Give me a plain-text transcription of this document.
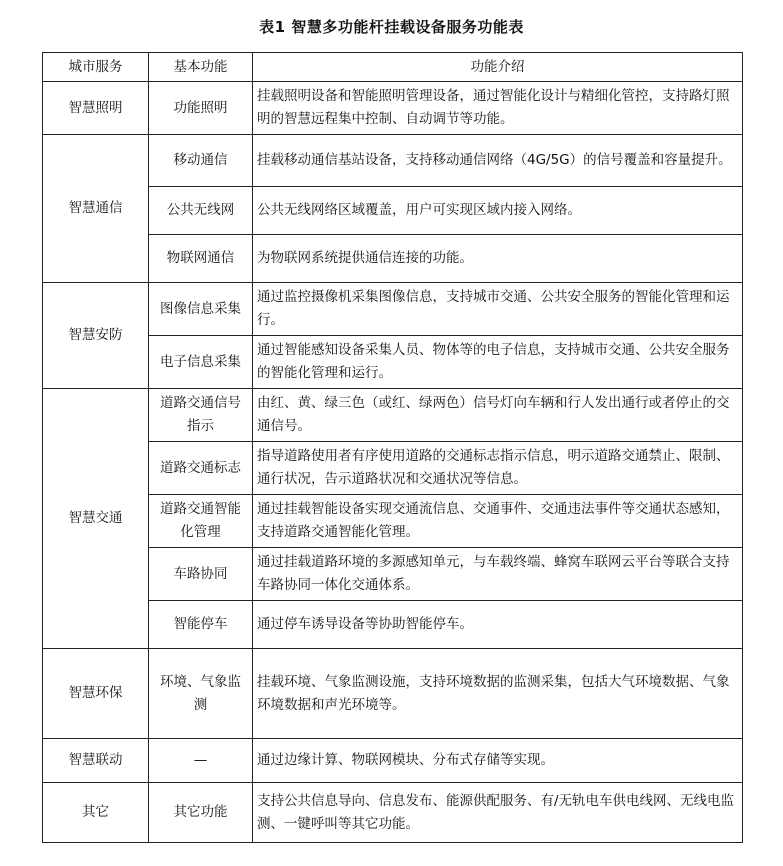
表1 智慧多功能杆挂载设备服务功能表
城市服务	基本功能	功能介绍
智慧照明	功能照明	挂载照明设备和智能照明管理设备，通过智能化设计与精细化管控，支持路灯照明的智慧远程集中控制、自动调节等功能。
智慧通信	移动通信	挂载移动通信基站设备，支持移动通信网络（4G/5G）的信号覆盖和容量提升。
	公共无线网	公共无线网络区域覆盖，用户可实现区域内接入网络。
	物联网通信	为物联网系统提供通信连接的功能。
智慧安防	图像信息采集	通过监控摄像机采集图像信息，支持城市交通、公共安全服务的智能化管理和运行。
	电子信息采集	通过智能感知设备采集人员、物体等的电子信息，支持城市交通、公共安全服务的智能化管理和运行。
智慧交通	道路交通信号指示	由红、黄、绿三色（或红、绿两色）信号灯向车辆和行人发出通行或者停止的交通信号。
	道路交通标志	指导道路使用者有序使用道路的交通标志指示信息，明示道路交通禁止、限制、通行状况，告示道路状况和交通状况等信息。
	道路交通智能化管理	通过挂载智能设备实现交通流信息、交通事件、交通违法事件等交通状态感知，支持道路交通智能化管理。
	车路协同	通过挂载道路环境的多源感知单元，与车载终端、蜂窝车联网云平台等联合支持车路协同一体化交通体系。
	智能停车	通过停车诱导设备等协助智能停车。
智慧环保	环境、气象监测	挂载环境、气象监测设施，支持环境数据的监测采集，包括大气环境数据、气象环境数据和声光环境等。
智慧联动	—	通过边缘计算、物联网模块、分布式存储等实现。
其它	其它功能	支持公共信息导向、信息发布、能源供配服务、有/无轨电车供电线网、无线电监测、一键呼叫等其它功能。
